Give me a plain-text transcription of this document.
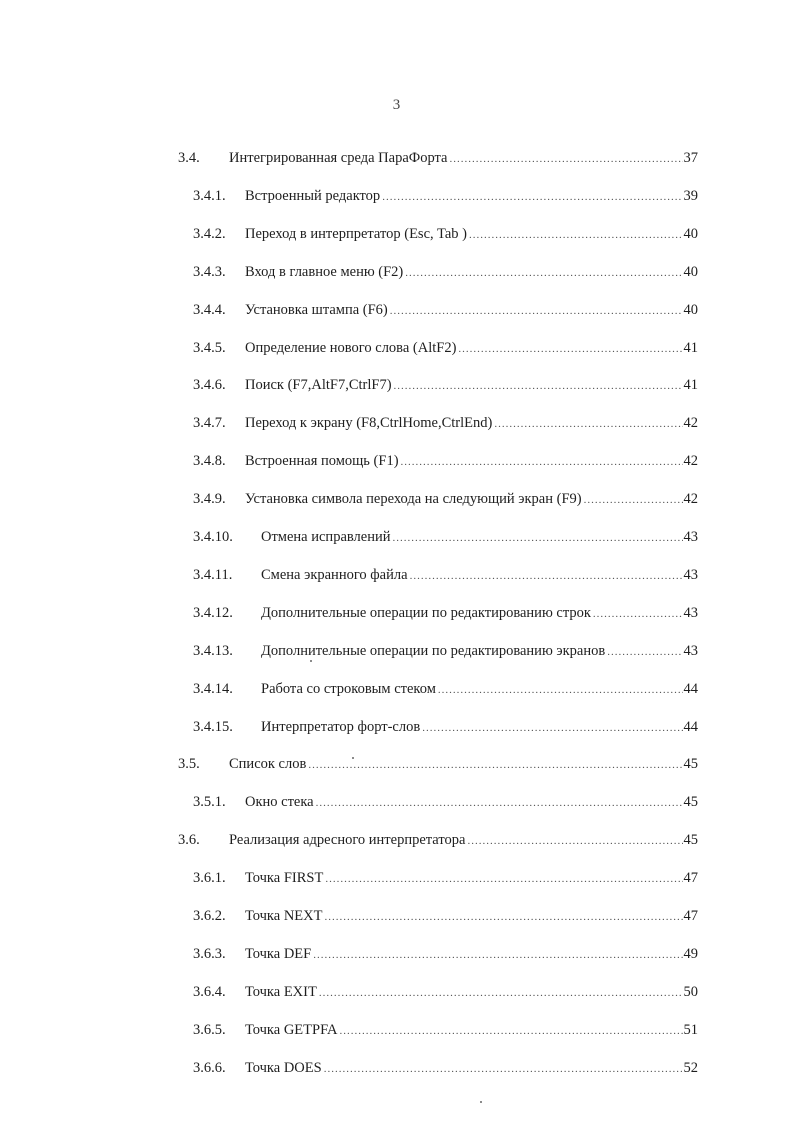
3
3.4. Интегрированная среда ПараФорта .....	37
3.4.1. Встроенный редактор .....	39
3.4.2. Переход в интерпретатор (Esc, Tab ) .....	40
3.4.3. Вход в главное меню (F2) .....	40
3.4.4. Установка штампа (F6) .....	40
3.4.5. Определение нового слова (AltF2) .....	41
3.4.6. Поиск (F7,AltF7,CtrlF7) .....	41
3.4.7. Переход к экрану (F8,CtrlHome,CtrlEnd) .....	42
3.4.8. Встроенная помощь (F1) .....	42
3.4.9. Установка символа перехода на следующий экран (F9) .....	42
3.4.10. Отмена исправлений .....	43
3.4.11. Смена экранного файла .....	43
3.4.12. Дополнительные операции по редактированию строк .....	43
3.4.13. Дополнительные операции по редактированию экранов .....	43
3.4.14. Работа со строковым стеком .....	44
3.4.15. Интерпретатор форт-слов .....	44
3.5. Список слов .....	45
3.5.1. Окно стека .....	45
3.6. Реализация адресного интерпретатора .....	45
3.6.1. Точка FIRST .....	47
3.6.2. Точка NEXT .....	47
3.6.3. Точка DEF .....	49
3.6.4. Точка EXIT .....	50
3.6.5. Точка GETPFA .....	51
3.6.6. Точка DOES .....	52
